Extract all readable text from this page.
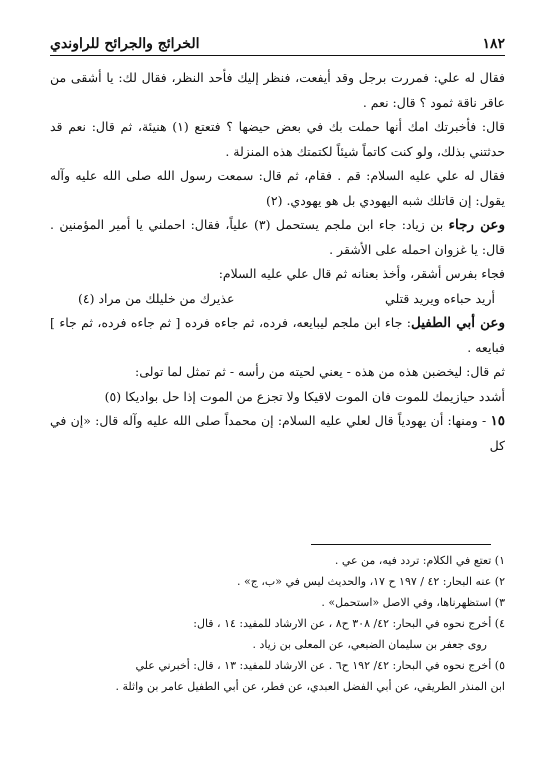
١٨٢
الخرائج والجرائح للراوندي

فقال له علي: فمررت برجل وقد أيفعت، فنظر إليك فأحد النظر، فقال لك: يا أشقى من عاقر ناقة ثمود ؟ قال: نعم .

قال: فأخبرتك امك أنها حملت بك في بعض حيضها ؟ فتعتع (١) هنيئة، ثم قال: نعم قد حدثتني بذلك، ولو كنت كاتماً شيئاً لكتمتك هذه المنزلة .

فقال له علي عليه السلام: قم . فقام، ثم قال: سمعت رسول الله صلى الله عليه وآله يقول: إن قاتلك شبه اليهودي بل هو يهودي. (٢)

وعن رجاء بن زياد: جاء ابن ملجم يستحمل (٣) علياً، فقال: احملني يا أمير المؤمنين . قال: يا غزوان احمله على الأشقر .

فجاء بفرس أشقر، وأخذ بعنانه ثم قال علي عليه السلام:

أريد حباءه ويريد قتلي
عذيرك من خليلك من مراد (٤)

وعن أبي الطفيل: جاء ابن ملجم ليبايعه، فرده، ثم جاءه فرده [ ثم جاءه فرده، ثم جاء ] فبايعه .

ثم قال: ليخضبن هذه من هذه - يعني لحيته من رأسه - ثم تمثل لما تولى:

أشدد حيازيمك للموت فان الموت لاقيكا ولا تجزع من الموت إذا حل بواديكا (٥)

١٥ - ومنها: أن يهودياً قال لعلي عليه السلام: إن محمداً صلى الله عليه وآله قال: «إن في كل

١) تعتع في الكلام: تردد فيه، من عي .

٢) عنه البحار: ٤٢ / ١٩٧ ح ١٧، والحديث ليس في «ب، ج» .

٣) استظهرناها، وفي الاصل «استحمل» .

٤) أخرج نحوه في البحار: ٤٢/ ٣٠٨ ح٨ ، عن الارشاد للمفيد: ١٤ ، قال:

روى جعفر بن سليمان الضبعي، عن المعلى بن زياد .

٥) أخرج نحوه في البحار: ٤٢/ ١٩٢ ح٦ . عن الارشاد للمفيد: ١٣ ، قال: أخبرني علي

ابن المنذر الطريقي، عن أبي الفضل العبدي، عن فطر، عن أبي الطفيل عامر بن واثلة .
